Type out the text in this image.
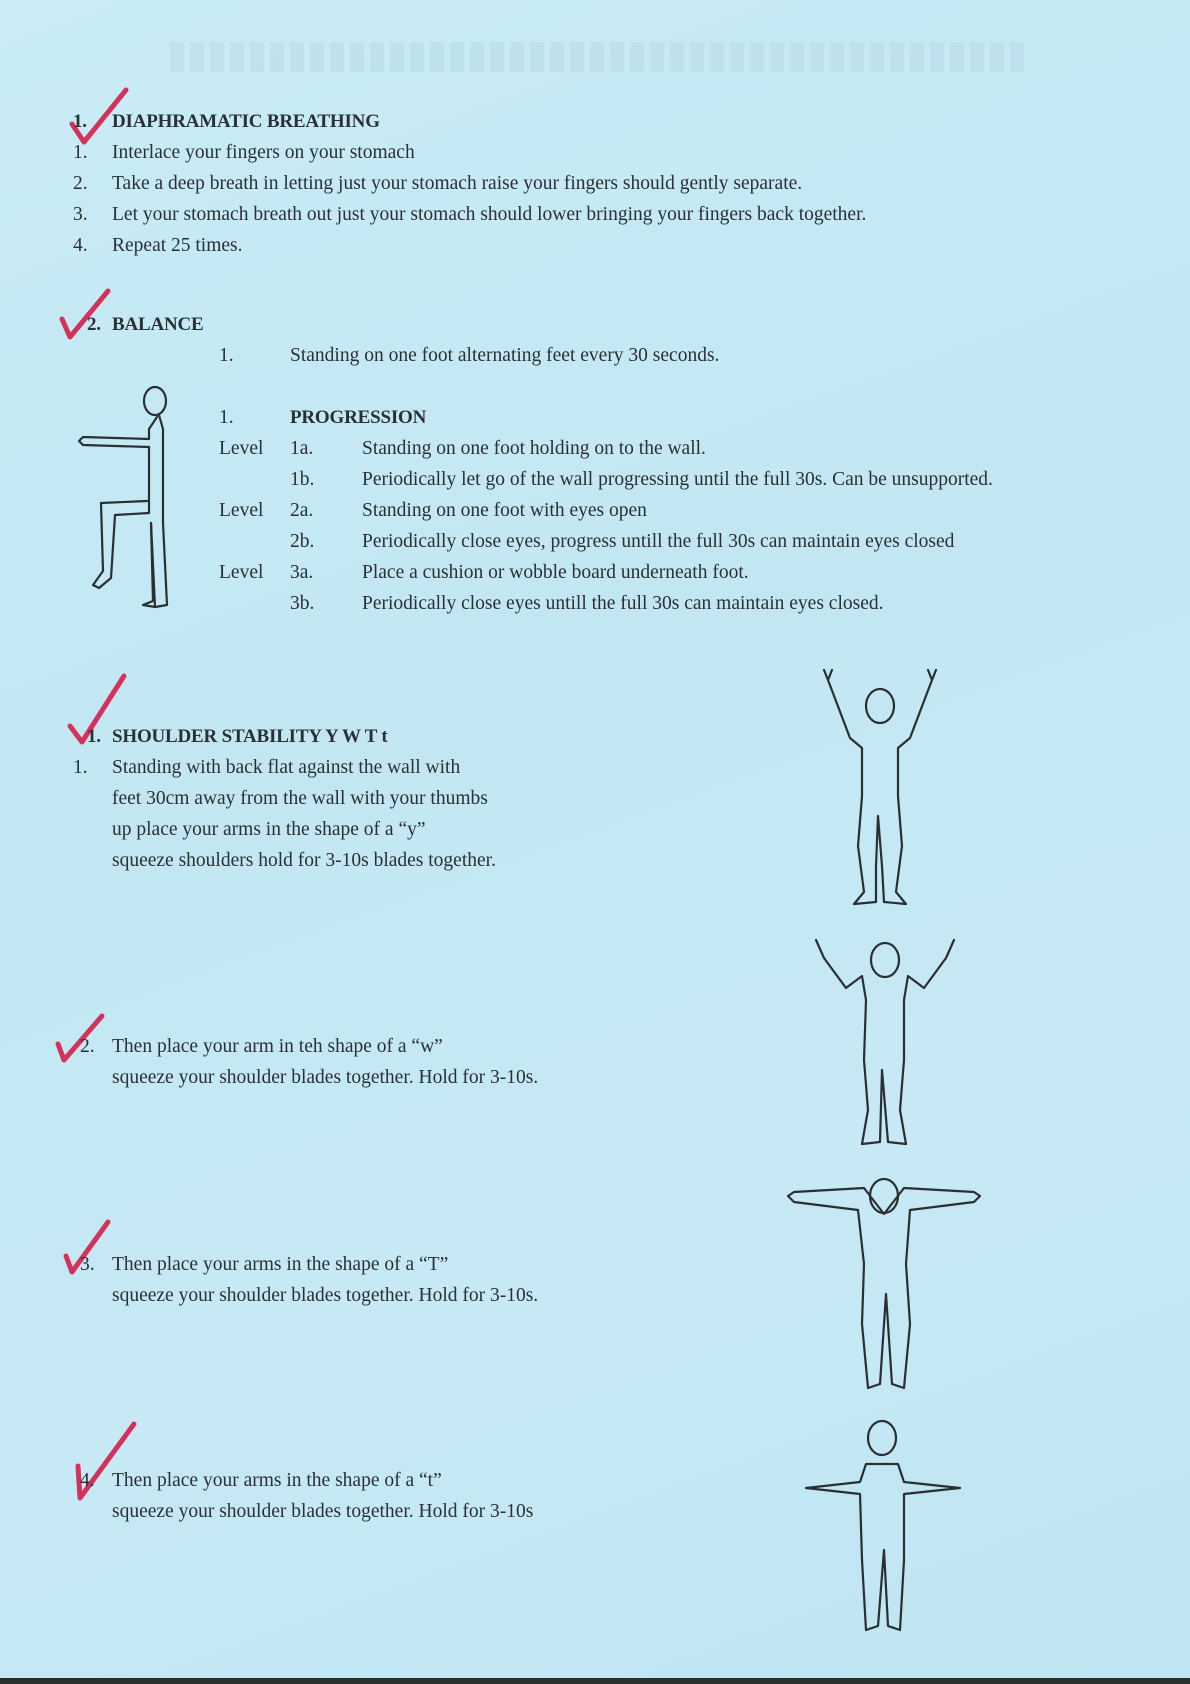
1. DIAPHRAMATIC BREATHING
1. Interlace your fingers on your stomach
2. Take a deep breath in letting just your stomach raise your fingers should gently separate.
3. Let your stomach breath out just your stomach should lower bringing your fingers back together.
4. Repeat 25 times.
2. BALANCE
1.	Standing on one foot alternating feet every 30 seconds.
1.	PROGRESSION
Level 1a. Standing on one foot holding on to the wall.
1b. Periodically let go of the wall progressing until the full 30s. Can be unsupported.
Level 2a. Standing on one foot with eyes open
2b. Periodically close eyes, progress untill the full 30s can maintain eyes closed
Level 3a. Place a cushion or wobble board underneath foot.
3b. Periodically close eyes untill the full 30s can maintain eyes closed.
1. SHOULDER STABILITY Y W T t
1. Standing with back flat against the wall with
feet 30cm away from the wall with your thumbs
up place your arms in the shape of a “y”
squeeze shoulders hold for 3-10s blades together.
2. Then place your arm in teh shape of a “w”
squeeze your shoulder blades together. Hold for 3-10s.
3. Then place your arms in the shape of a “T”
squeeze your shoulder blades together. Hold for 3-10s.
4. Then place your arms in the shape of a “t”
squeeze your shoulder blades together. Hold for 3-10s
